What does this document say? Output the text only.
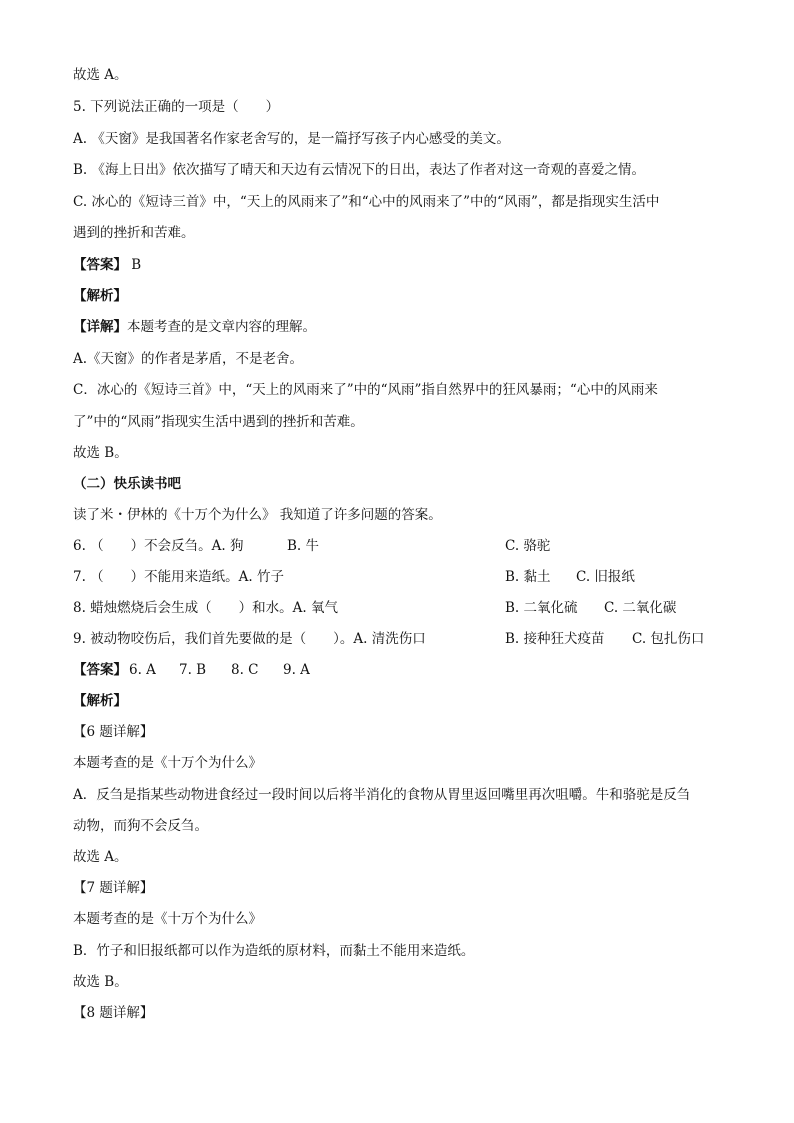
故选 A。
5. 下列说法正确的一项是（　　）
A. 《天窗》是我国著名作家老舍写的，是一篇抒写孩子内心感受的美文。
B. 《海上日出》依次描写了晴天和天边有云情况下的日出，表达了作者对这一奇观的喜爱之情。
C. 冰心的《短诗三首》中，“天上的风雨来了”和“心中的风雨来了”中的“风雨”，都是指现实生活中
遇到的挫折和苦难。
【答案】 B
【解析】
【详解】本题考查的是文章内容的理解。
A.《天窗》的作者是茅盾，不是老舍。
C．冰心的《短诗三首》中，“天上的风雨来了”中的“风雨”指自然界中的狂风暴雨；“心中的风雨来
了”中的“风雨”指现实生活中遇到的挫折和苦难。
故选 B。
（二）快乐读书吧
读了米・伊林的《十万个为什么》 我知道了许多问题的答案。
6. （　　）不会反刍。A. 狗	B. 牛	C. 骆驼
7. （　　）不能用来造纸。A. 竹子	B. 黏土 C. 旧报纸
8. 蜡烛燃烧后会生成（　　）和水。A. 氧气	B. 二氧化硫 C. 二氧化碳
9. 被动物咬伤后，我们首先要做的是（　　）。A. 清洗伤口	B. 接种狂犬疫苗 C. 包扎伤口
【答案】 6. A 7. B 8. C 9. A
【解析】
【6 题详解】
本题考查的是《十万个为什么》
A．反刍是指某些动物进食经过一段时间以后将半消化的食物从胃里返回嘴里再次咀嚼。牛和骆驼是反刍
动物，而狗不会反刍。
故选 A。
【7 题详解】
本题考查的是《十万个为什么》
B．竹子和旧报纸都可以作为造纸的原材料，而黏土不能用来造纸。
故选 B。
【8 题详解】
